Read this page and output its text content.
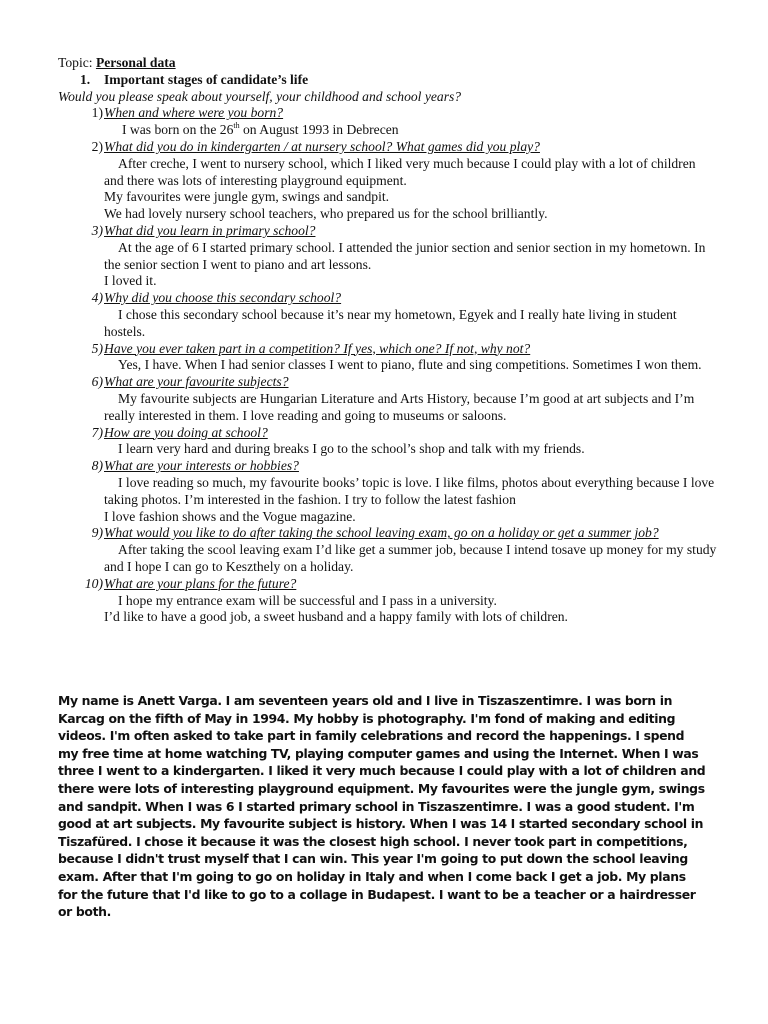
Topic: Personal data

1. Important stages of candidate’s life

Would you please speak about yourself, your childhood and school years?

1) When and where were you born?

I was born on the 26th on August 1993 in Debrecen

2) What did you do in kindergarten / at nursery school? What games did you play?

After creche, I went to nursery school, which I liked very much because I could play with a lot of children and there was lots of interesting playground equipment.

My favourites were jungle gym, swings and sandpit.

We had lovely nursery school teachers, who prepared us for the school brilliantly.

3) What did you learn in primary school?

At the age of 6 I started primary school. I attended the junior section and senior section in my hometown. In the senior section I went to piano and art lessons.

I loved it.

4) Why did you choose this secondary school?

I chose this secondary school because it’s near my hometown, Egyek and I really hate living in student hostels.

5) Have you ever taken part in a competition? If yes, which one? If not, why not?

Yes, I have. When I had senior classes I went to piano, flute and sing competitions. Sometimes I won them.

6) What are your favourite subjects?

My favourite subjects are Hungarian Literature and Arts History, because I’m good at art subjects and I’m really interested in them. I love reading and going to museums or saloons.

7) How are you doing at school?

I learn very hard and during breaks I go to the school’s shop and talk with my friends.

8) What are your interests or hobbies?

I love reading so much, my favourite books’ topic is love. I like films, photos about everything because I love taking photos. I’m interested in the fashion. I try to follow the latest fashion

I love fashion shows and the Vogue magazine.

9) What would you like to do after taking the school leaving exam, go on a holiday or get a summer job?

After taking the scool leaving exam I’d like get a summer job, because I intend tosave up money for my study and I hope I can go to Keszthely on a holiday.

10) What are your plans for the future?

I hope my entrance exam will be successful and I pass in a university.

I’d like to have a good job, a sweet husband and a happy family with lots of children.

My name is Anett Varga. I am seventeen years old and I live in Tiszaszentimre. I was born in Karcag on the fifth of May in 1994. My hobby is photography. I'm fond of making and editing videos. I'm often asked to take part in family celebrations and record the happenings. I spend my free time at home watching TV, playing computer games and using the Internet. When I was three I went to a kindergarten. I liked it very much because I could play with a lot of children and there were lots of interesting playground equipment. My favourites were the jungle gym, swings and sandpit. When I was 6 I started primary school in Tiszaszentimre. I was a good student. I'm good at art subjects. My favourite subject is history. When I was 14 I started secondary school in Tiszafüred. I chose it because it was the closest high school. I never took part in competitions, because I didn't trust myself that I can win. This year I'm going to put down the school leaving exam. After that I'm going to go on holiday in Italy and when I come back I get a job. My plans for the future that I'd like to go to a collage in Budapest. I want to be a teacher or a hairdresser or both.
